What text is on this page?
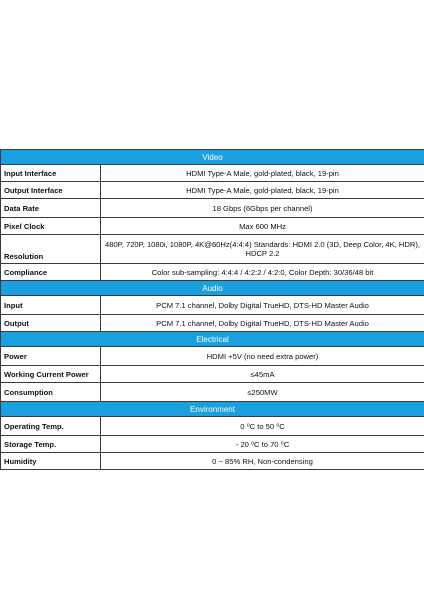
Video	
Input Interface	HDMI Type-A Male, gold-plated, black, 19-pin
Output Interface	HDMI Type-A Male, gold-plated, black, 19-pin
Data Rate	18 Gbps (6Gbps per channel)
Pixel Clock	Max 600 MHz
Resolution	480P, 720P, 1080i, 1080P, 4K@60Hz(4:4:4) Standards: HDMI 2.0 (3D, Deep Color, 4K, HDR), HDCP 2.2
Compliance	Color sub-sampling: 4:4:4 / 4:2:2 / 4:2:0, Color Depth: 30/36/48 bit
Audio	
Input	PCM 7.1 channel, Dolby Digital TrueHD, DTS-HD Master Audio
Output	PCM 7.1 channel, Dolby Digital TrueHD, DTS-HD Master Audio
Electrical	
Power	HDMI +5V (no need extra power)
Working Current Power	≤45mA
Consumption	≤250MW
Environment	
Operating Temp.	0 ⁰C to 50 ⁰C
Storage Temp.	- 20 ⁰C to 70 ⁰C
Humidity	0 ~ 85% RH, Non-condensing
